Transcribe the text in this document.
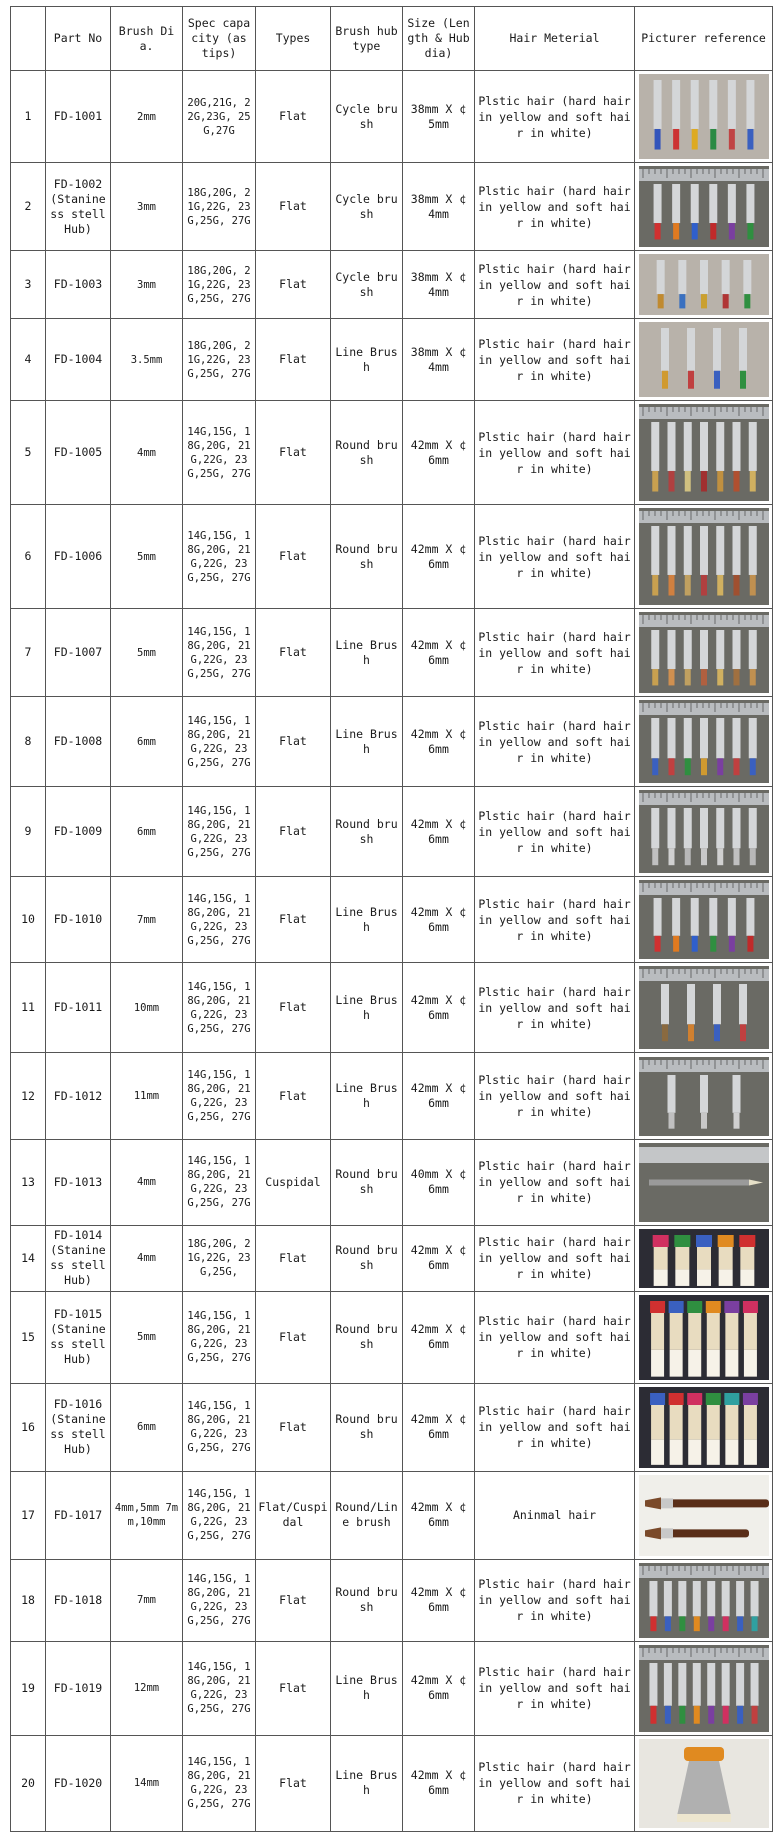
	Part No	Brush Dia.	Spec capacity (as tips)	Types	Brush hub type	Size (Length & Hub dia)	Hair Meterial	Picturer reference
1	FD-1001	2mm	20G,21G, 22G,23G, 25G,27G	Flat	Cycle brush	38mm X ¢ 5mm	Plstic hair (hard hair in yellow and soft hair in white)	

2	FD-1002 (Stanine ss stell Hub)	3mm	18G,20G, 21G,22G, 23G,25G, 27G	Flat	Cycle brush	38mm X ¢ 4mm	Plstic hair (hard hair in yellow and soft hair in white)	

3	FD-1003	3mm	18G,20G, 21G,22G, 23G,25G, 27G	Flat	Cycle brush	38mm X ¢ 4mm	Plstic hair (hard hair in yellow and soft hair in white)	

4	FD-1004	3.5mm	18G,20G, 21G,22G, 23G,25G, 27G	Flat	Line Brush	38mm X ¢ 4mm	Plstic hair (hard hair in yellow and soft hair in white)	

5	FD-1005	4mm	14G,15G, 18G,20G, 21G,22G, 23G,25G, 27G	Flat	Round brush	42mm X ¢ 6mm	Plstic hair (hard hair in yellow and soft hair in white)	

6	FD-1006	5mm	14G,15G, 18G,20G, 21G,22G, 23G,25G, 27G	Flat	Round brush	42mm X ¢ 6mm	Plstic hair (hard hair in yellow and soft hair in white)	

7	FD-1007	5mm	14G,15G, 18G,20G, 21G,22G, 23G,25G, 27G	Flat	Line Brush	42mm X ¢ 6mm	Plstic hair (hard hair in yellow and soft hair in white)	

8	FD-1008	6mm	14G,15G, 18G,20G, 21G,22G, 23G,25G, 27G	Flat	Line Brush	42mm X ¢ 6mm	Plstic hair (hard hair in yellow and soft hair in white)	

9	FD-1009	6mm	14G,15G, 18G,20G, 21G,22G, 23G,25G, 27G	Flat	Round brush	42mm X ¢ 6mm	Plstic hair (hard hair in yellow and soft hair in white)	

10	FD-1010	7mm	14G,15G, 18G,20G, 21G,22G, 23G,25G, 27G	Flat	Line Brush	42mm X ¢ 6mm	Plstic hair (hard hair in yellow and soft hair in white)	

11	FD-1011	10mm	14G,15G, 18G,20G, 21G,22G, 23G,25G, 27G	Flat	Line Brush	42mm X ¢ 6mm	Plstic hair (hard hair in yellow and soft hair in white)	

12	FD-1012	11mm	14G,15G, 18G,20G, 21G,22G, 23G,25G, 27G	Flat	Line Brush	42mm X ¢ 6mm	Plstic hair (hard hair in yellow and soft hair in white)	

13	FD-1013	4mm	14G,15G, 18G,20G, 21G,22G, 23G,25G, 27G	Cuspidal	Round brush	40mm X ¢ 6mm	Plstic hair (hard hair in yellow and soft hair in white)	

14	FD-1014 (Stanine ss stell Hub)	4mm	18G,20G, 21G,22G, 23G,25G,	Flat	Round brush	42mm X ¢ 6mm	Plstic hair (hard hair in yellow and soft hair in white)	

15	FD-1015 (Stanine ss stell Hub)	5mm	14G,15G, 18G,20G, 21G,22G, 23G,25G, 27G	Flat	Round brush	42mm X ¢ 6mm	Plstic hair (hard hair in yellow and soft hair in white)	

16	FD-1016 (Stanine ss stell Hub)	6mm	14G,15G, 18G,20G, 21G,22G, 23G,25G, 27G	Flat	Round brush	42mm X ¢ 6mm	Plstic hair (hard hair in yellow and soft hair in white)	

17	FD-1017	4mm,5mm 7mm,10mm	14G,15G, 18G,20G, 21G,22G, 23G,25G, 27G	Flat/Cuspidal	Round/Line brush	42mm X ¢ 6mm	Aninmal hair	

18	FD-1018	7mm	14G,15G, 18G,20G, 21G,22G, 23G,25G, 27G	Flat	Round brush	42mm X ¢ 6mm	Plstic hair (hard hair in yellow and soft hair in white)	

19	FD-1019	12mm	14G,15G, 18G,20G, 21G,22G, 23G,25G, 27G	Flat	Line Brush	42mm X ¢ 6mm	Plstic hair (hard hair in yellow and soft hair in white)	

20	FD-1020	14mm	14G,15G, 18G,20G, 21G,22G, 23G,25G, 27G	Flat	Line Brush	42mm X ¢ 6mm	Plstic hair (hard hair in yellow and soft hair in white)	
